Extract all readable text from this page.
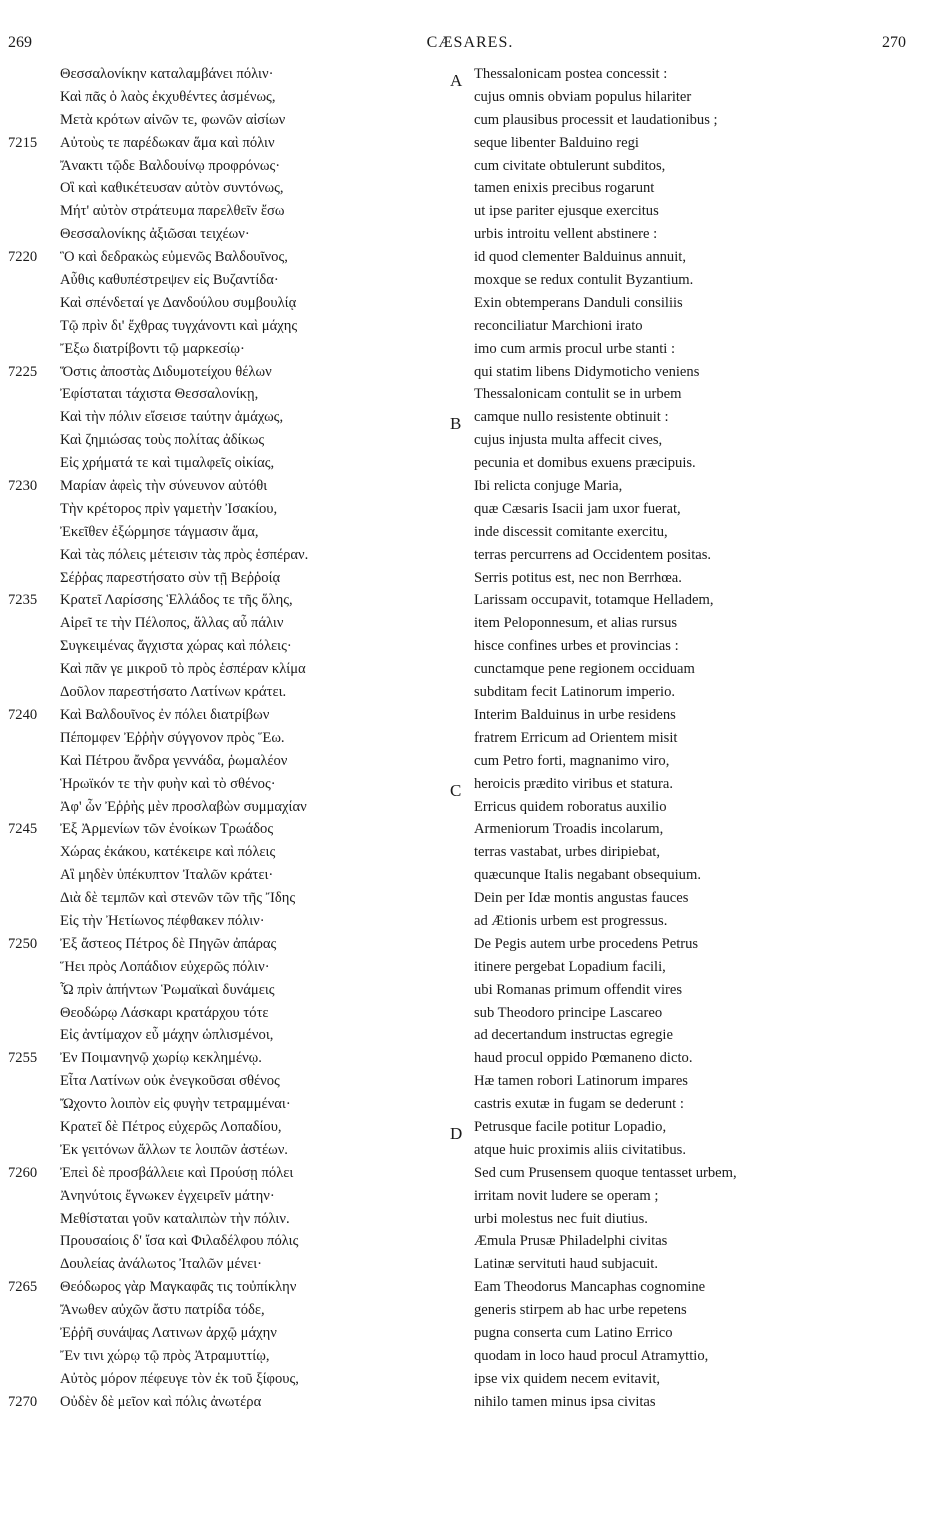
269	CÆSARES.	270
Θεσσαλονίκην καταλαμβάνει πόλιν·
Καὶ πᾶς ὁ λαὸς ἐκχυθέντες ἀσμένως,
Μετὰ κρότων αἰνῶν τε, φωνῶν αἰσίων
7215 Αὐτοὺς τε παρέδωκαν ἅμα καὶ πόλιν
Ἄνακτι τῷδε Βαλδουίνῳ προφρόνως·
Οἳ καὶ καθικέτευσαν αὐτὸν συντόνως,
Μήτ' αὐτὸν στράτευμα παρελθεῖν ἔσω
Θεσσαλονίκης ἀξιῶσαι τειχέων·
7220 Ὃ καὶ δεδρακὼς εὐμενῶς Βαλδουῖνος,
Αὖθις καθυπέστρεψεν εἰς Βυζαντίδα·
Καὶ σπένδεταί γε Δανδούλου συμβουλίᾳ
Τῷ πρὶν δι' ἔχθρας τυγχάνοντι καὶ μάχης
Ἔξω διατρίβοντι τῷ μαρκεσίῳ·
7225 Ὅστις ἀποστὰς Διδυμοτείχου θέλων
Ἐφίσταται τάχιστα Θεσσαλονίκῃ,
Καὶ τὴν πόλιν εἴσεισε ταύτην ἀμάχως,
Καὶ ζημιώσας τοὺς πολίτας ἀδίκως
Εἰς χρήματά τε καὶ τιμαλφεῖς οἰκίας,
7230 Μαρίαν ἀφεὶς τὴν σύνευνον αὐτόθι
Τὴν κρέτορος πρὶν γαμετὴν Ἰσακίου,
Ἐκεῖθεν ἐξώρμησε τάγμασιν ἅμα,
Καὶ τὰς πόλεις μέτεισιν τὰς πρὸς ἑσπέραν.
Σέῤῥας παρεστήσατο σὺν τῇ Βεῤῥοίᾳ
7235 Κρατεῖ Λαρίσσης Ἑλλάδος τε τῆς ὅλης,
Αἱρεῖ τε τὴν Πέλοπος, ἄλλας αὖ πάλιν
Συγκειμένας ἄγχιστα χώρας καὶ πόλεις·
Καὶ πᾶν γε μικροῦ τὸ πρὸς ἑσπέραν κλίμα
Δοῦλον παρεστήσατο Λατίνων κράτει.
7240 Καὶ Βαλδουῖνος ἐν πόλει διατρίβων
Πέπομφεν Ἐῤῥὴν σύγγονον πρὸς Ἕω.
Καὶ Πέτρου ἄνδρα γεννάδα, ῥωμαλέον
Ἡρωϊκόν τε τὴν φυὴν καὶ τὸ σθένος·
Ἀφ' ὧν Ἐῤῥὴς μὲν προσλαβὼν συμμαχίαν
7245 Ἐξ Ἀρμενίων τῶν ἐνοίκων Τρωάδος
Χώρας ἐκάκου, κατέκειρε καὶ πόλεις
Αἳ μηδὲν ὑπέκυπτον Ἰταλῶν κράτει·
Διὰ δὲ τεμπῶν καὶ στενῶν τῶν τῆς Ἴδης
Εἰς τὴν Ἠετίωνος πέφθακεν πόλιν·
7250 Ἐξ ἄστεος Πέτρος δὲ Πηγῶν ἀπάρας
Ἥει πρὸς Λοπάδιον εὐχερῶς πόλιν·
Ὧ πρὶν ἀπήντων Ῥωμαϊκαὶ δυνάμεις
Θεοδώρῳ Λάσκαρι κρατάρχου τότε
Εἰς ἀντίμαχον εὖ μάχην ὡπλισμένοι,
7255 Ἐν Ποιμανηνῷ χωρίῳ κεκλημένῳ.
Εἶτα Λατίνων οὐκ ἐνεγκοῦσαι σθένος
Ὤχοντο λοιπὸν εἰς φυγὴν τετραμμέναι·
Κρατεῖ δὲ Πέτρος εὐχερῶς Λοπαδίου,
Ἐκ γειτόνων ἄλλων τε λοιπῶν ἀστέων.
7260 Ἐπεὶ δὲ προσβάλλειε καὶ Προύσῃ πόλει
Ἀνηνύτοις ἔγνωκεν ἐγχειρεῖν μάτην·
Μεθίσταται γοῦν καταλιπὼν τὴν πόλιν.
Προυσαίοις δ' ἴσα καὶ Φιλαδέλφου πόλις
Δουλείας ἀνάλωτος Ἰταλῶν μένει·
7265 Θεόδωρος γὰρ Μαγκαφᾶς τις τοὐπίκλην
Ἄνωθεν αὐχῶν ἄστυ πατρίδα τόδε,
Ἐῤῥῆ συνάψας Λατινων ἀρχῷ μάχην
Ἔν τινι χώρῳ τῷ πρὸς Ἀτραμυττίῳ,
Αὐτὸς μόρον πέφευγε τὸν ἐκ τοῦ ξίφους,
7270 Οὐδὲν δὲ μεῖον καὶ πόλις ἀνωτέρα
A Thessalonicam postea concessit :
cujus omnis obviam populus hilariter
cum plausibus processit et laudationibus ;
seque libenter Balduino regi
cum civitate obtulerunt subditos,
tamen enixis precibus rogarunt
ut ipse pariter ejusque exercitus
urbis introitu vellent abstinere :
id quod clementer Balduinus annuit,
moxque se redux contulit Byzantium.
Exin obtemperans Danduli consiliis
reconciliatur Marchioni irato
imo cum armis procul urbe stanti :
qui statim libens Didymoticho veniens
Thessalonicam contulit se in urbem
B camque nullo resistente obtinuit :
cujus injusta multa affecit cives,
pecunia et domibus exuens præcipuis.
Ibi relicta conjuge Maria,
quæ Cæsaris Isacii jam uxor fuerat,
inde discessit comitante exercitu,
terras percurrens ad Occidentem positas.
Serris potitus est, nec non Berrhœa.
Larissam occupavit, totamque Helladem,
item Peloponnesum, et alias rursus
hisce confines urbes et provincias :
cunctamque pene regionem occiduam
subditam fecit Latinorum imperio.
Interim Balduinus in urbe residens
fratrem Erricum ad Orientem misit
cum Petro forti, magnanimo viro,
C heroicis prædito viribus et statura.
Erricus quidem roboratus auxilio
Armeniorum Troadis incolarum,
terras vastabat, urbes diripiebat,
quæcunque Italis negabant obsequium.
Dein per Idæ montis angustas fauces
ad Ætionis urbem est progressus.
De Pegis autem urbe procedens Petrus
itinere pergebat Lopadium facili,
ubi Romanas primum offendit vires
sub Theodoro principe Lascareo
ad decertandum instructas egregie
haud procul oppido Pœmaneno dicto.
Hæ tamen robori Latinorum impares
castris exutæ in fugam se dederunt :
D Petrusque facile potitur Lopadio,
atque huic proximis aliis civitatibus.
Sed cum Prusensem quoque tentasset urbem,
irritam novit ludere se operam ;
urbi molestus nec fuit diutius.
Æmula Prusæ Philadelphi civitas
Latinæ servituti haud subjacuit.
Eam Theodorus Mancaphas cognomine
generis stirpem ab hac urbe repetens
pugna conserta cum Latino Errico
quodam in loco haud procul Atramyttio,
ipse vix quidem necem evitavit,
nihilo tamen minus ipsa civitas
